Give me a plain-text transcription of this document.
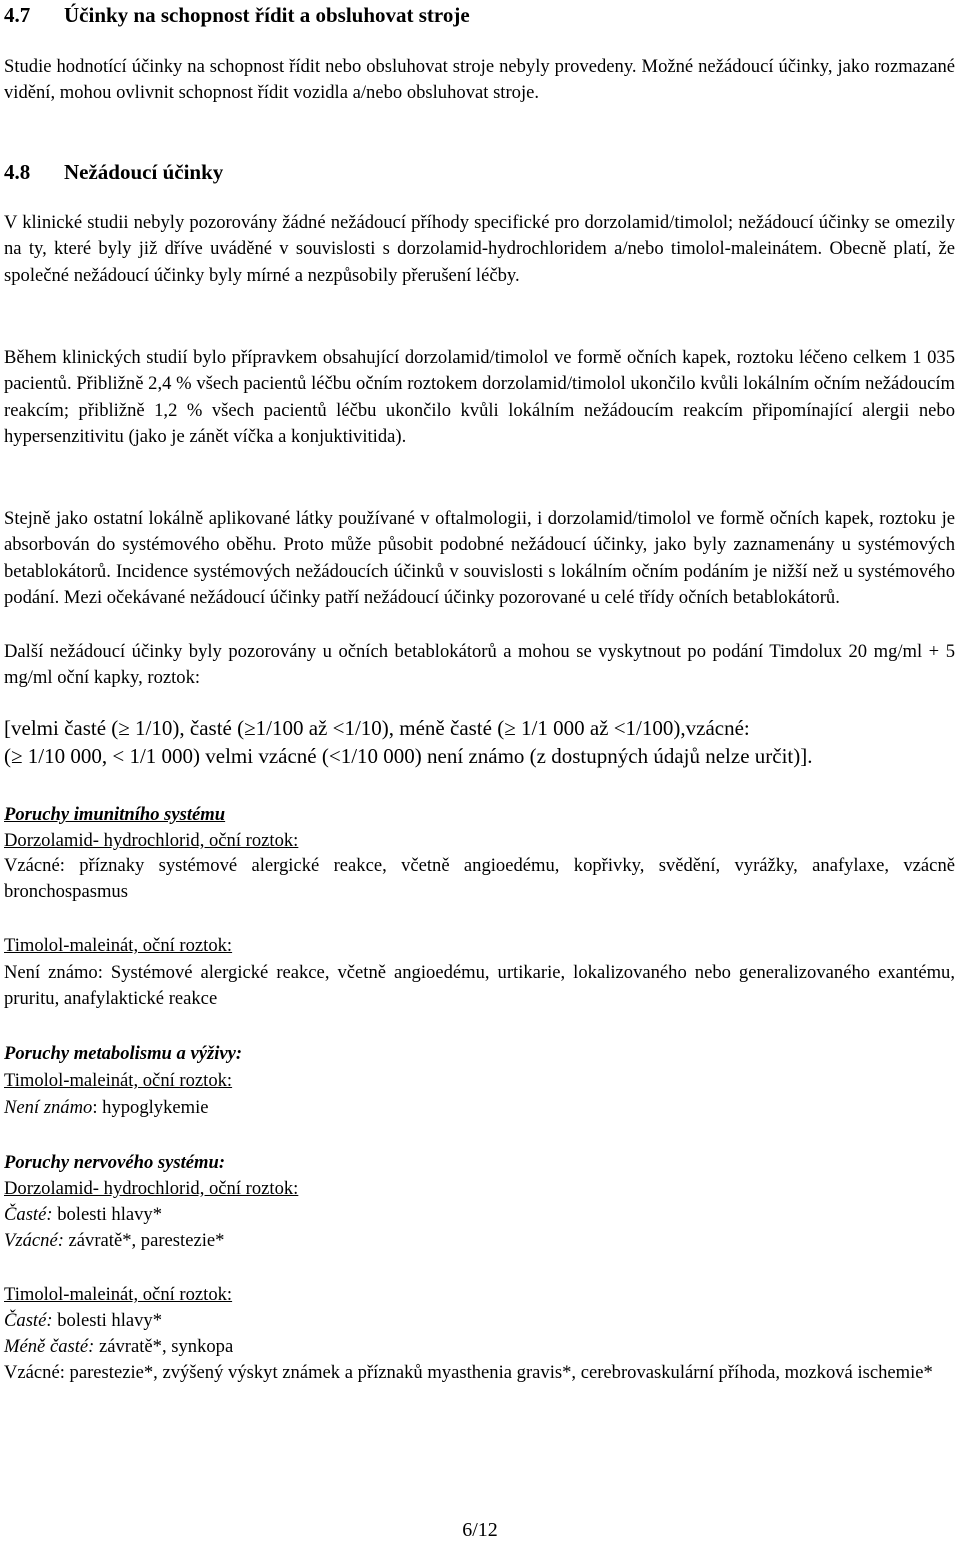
4.7 Účinky na schopnost řídit a obsluhovat stroje

Studie hodnotící účinky na schopnost řídit nebo obsluhovat stroje nebyly provedeny. Možné nežádoucí účinky, jako rozmazané vidění, mohou ovlivnit schopnost řídit vozidla a/nebo obsluhovat stroje.

4.8 Nežádoucí účinky

V klinické studii nebyly pozorovány žádné nežádoucí příhody specifické pro dorzolamid/timolol; nežádoucí účinky se omezily na ty, které byly již dříve uváděné v souvislosti s dorzolamid-hydrochloridem a/nebo timolol-maleinátem. Obecně platí, že společné nežádoucí účinky byly mírné a nezpůsobily přerušení léčby.

Během klinických studií bylo přípravkem obsahující dorzolamid/timolol ve formě očních kapek, roztoku léčeno celkem 1 035 pacientů. Přibližně 2,4 % všech pacientů léčbu očním roztokem dorzolamid/timolol ukončilo kvůli lokálním očním nežádoucím reakcím; přibližně 1,2 % všech pacientů léčbu ukončilo kvůli lokálním nežádoucím reakcím připomínající alergii nebo hypersenzitivitu (jako je zánět víčka a konjuktivitida).

Stejně jako ostatní lokálně aplikované látky používané v oftalmologii, i dorzolamid/timolol ve formě očních kapek, roztoku je absorbován do systémového oběhu. Proto může působit podobné nežádoucí účinky, jako byly zaznamenány u systémových betablokátorů. Incidence systémových nežádoucích účinků v souvislosti s lokálním očním podáním je nižší než u systémového podání. Mezi očekávané nežádoucí účinky patří nežádoucí účinky pozorované u celé třídy očních betablokátorů.

Další nežádoucí účinky byly pozorovány u očních betablokátorů a mohou se vyskytnout po podání Timdolux 20 mg/ml + 5 mg/ml oční kapky, roztok:

[velmi časté (≥ 1/10), časté (≥1/100 až <1/10), méně časté (≥ 1/1 000 až <1/100),vzácné:
(≥ 1/10 000, < 1/1 000) velmi vzácné (<1/10 000) není známo (z dostupných údajů nelze určit)].
Poruchy imunitního systému
Dorzolamid- hydrochlorid, oční roztok:

Vzácné: příznaky systémové alergické reakce, včetně angioedému, kopřivky, svědění, vyrážky, anafylaxe, vzácně bronchospasmus

Timolol-maleinát, oční roztok:

Není známo: Systémové alergické reakce, včetně angioedému, urtikarie, lokalizovaného nebo generalizovaného exantému, pruritu, anafylaktické reakce

Poruchy metabolismu a výživy:
Timolol-maleinát, oční roztok:
Není známo: hypoglykemie
Poruchy nervového systému:
Dorzolamid- hydrochlorid, oční roztok:
Časté: bolesti hlavy*
Vzácné: závratě*, parestezie*
Timolol-maleinát, oční roztok:
Časté: bolesti hlavy*
Méně časté: závratě*, synkopa

Vzácné: parestezie*, zvýšený výskyt známek a příznaků myasthenia gravis*, cerebrovaskulární příhoda, mozková ischemie*

6/12
